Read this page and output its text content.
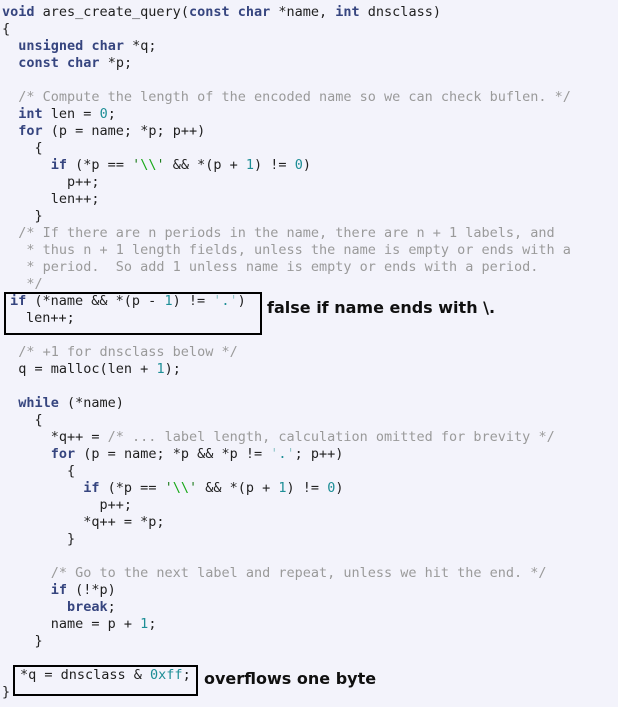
void ares_create_query(const char *name, int dnsclass)
{
unsigned char *q;
const char *p;
/* Compute the length of the encoded name so we can check buflen. */
int len = 0;
for (p = name; *p; p++)
{
if (*p == '\\' && *(p + 1) != 0)
p++;
len++;
}
/* If there are n periods in the name, there are n + 1 labels, and
* thus n + 1 length fields, unless the name is empty or ends with a
* period.  So add 1 unless name is empty or ends with a period.
*/
if (*name && *(p - 1) != '.')
len++;
/* +1 for dnsclass below */
q = malloc(len + 1);
while (*name)
{
*q++ = /* ... label length, calculation omitted for brevity */
for (p = name; *p && *p != '.'; p++)
{
if (*p == '\\' && *(p + 1) != 0)
p++;
*q++ = *p;
}
/* Go to the next label and repeat, unless we hit the end. */
if (!*p)
break;
name = p + 1;
}
*q = dnsclass & 0xff;
}
false if name ends with \.
overflows one byte
